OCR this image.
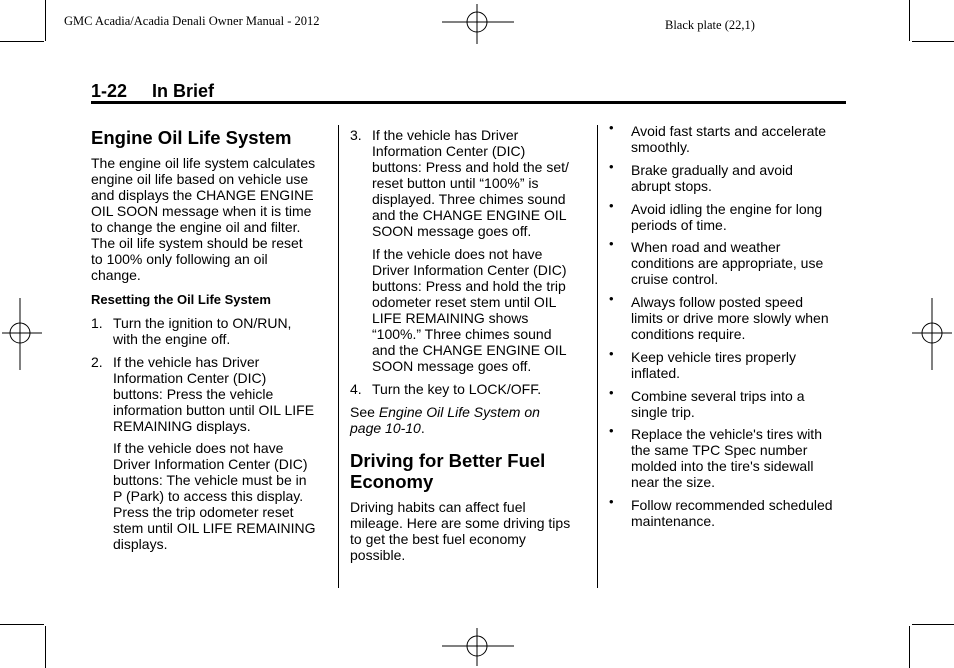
GMC Acadia/Acadia Denali Owner Manual - 2012	Black plate (22,1)
1-22 In Brief
Engine Oil Life System

The engine oil life system calculates
engine oil life based on vehicle use
and displays the CHANGE ENGINE
OIL SOON message when it is time
to change the engine oil and filter.
The oil life system should be reset
to 100% only following an oil
change.

Resetting the Oil Life System

1. Turn the ignition to ON/RUN,
with the engine off.
2. If the vehicle has Driver
Information Center (DIC)
buttons: Press the vehicle
information button until OIL LIFE
REMAINING displays.
If the vehicle does not have
Driver Information Center (DIC)
buttons: The vehicle must be in
P (Park) to access this display.
Press the trip odometer reset
stem until OIL LIFE REMAINING
displays.
3. If the vehicle has Driver
Information Center (DIC)
buttons: Press and hold the set/
reset button until “100%” is
displayed. Three chimes sound
and the CHANGE ENGINE OIL
SOON message goes off.
If the vehicle does not have
Driver Information Center (DIC)
buttons: Press and hold the trip
odometer reset stem until OIL
LIFE REMAINING shows
“100%.” Three chimes sound
and the CHANGE ENGINE OIL
SOON message goes off.
4. Turn the key to LOCK/OFF.

See Engine Oil Life System on
page 10-10.

Driving for Better Fuel
Economy

Driving habits can affect fuel
mileage. Here are some driving tips
to get the best fuel economy
possible.

• Avoid fast starts and accelerate
smoothly.
• Brake gradually and avoid
abrupt stops.
• Avoid idling the engine for long
periods of time.
• When road and weather
conditions are appropriate, use
cruise control.
• Always follow posted speed
limits or drive more slowly when
conditions require.
• Keep vehicle tires properly
inflated.
• Combine several trips into a
single trip.
• Replace the vehicle's tires with
the same TPC Spec number
molded into the tire's sidewall
near the size.
• Follow recommended scheduled
maintenance.
